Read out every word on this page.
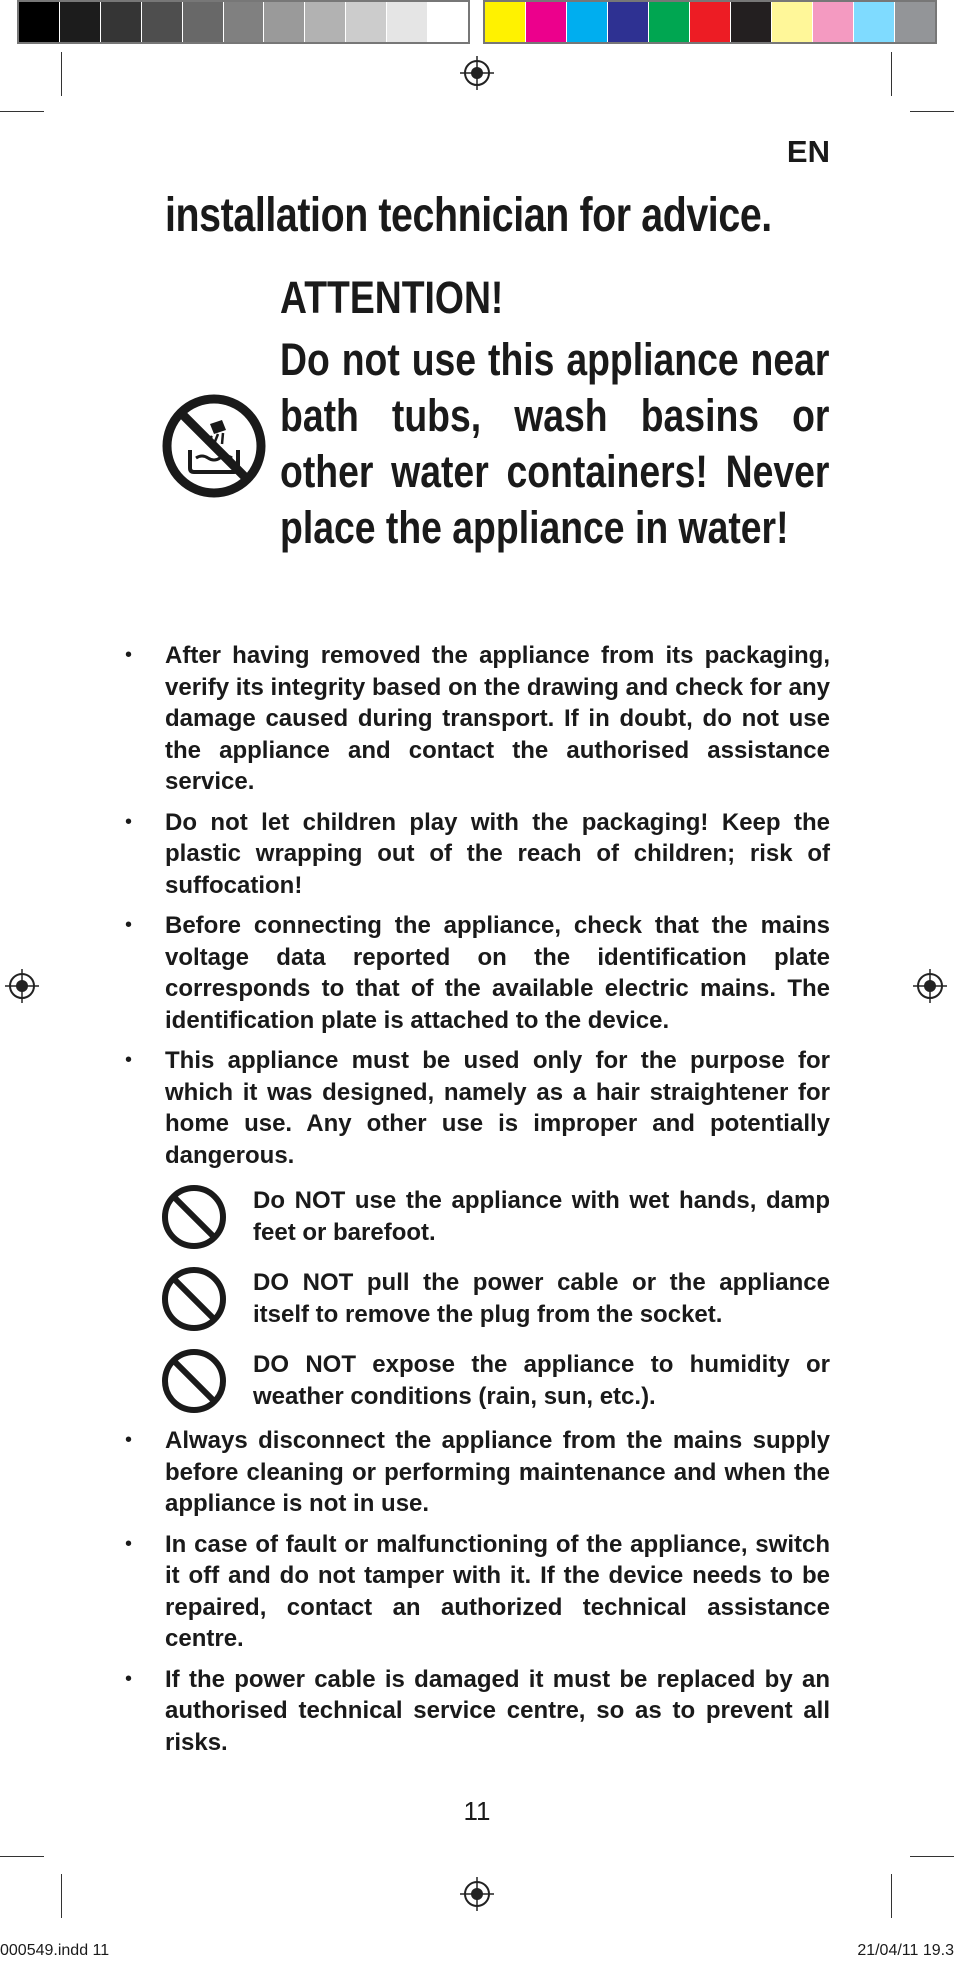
EN
installation technician for advice.
ATTENTION!
Do not use this appliance near bath tubs, wash basins or other water containers! Never place the appliance in water!
• After having removed the appliance from its packaging, verify its integrity based on the drawing and check for any damage caused during transport. If in doubt, do not use the appliance and contact the authorised assistance service.
• Do not let children play with the packaging! Keep the plastic wrapping out of the reach of children; risk of suffocation!
• Before connecting the appliance, check that the mains voltage data reported on the identification plate corresponds to that of the available electric mains. The identification plate is attached to the device.
• This appliance must be used only for the purpose for which it was designed, namely as a hair straightener for home use. Any other use is improper and potentially dangerous.
Do NOT use the appliance with wet hands, damp feet or barefoot.
DO NOT pull the power cable or the appliance itself to remove the plug from the socket.
DO NOT expose the appliance to humidity or weather conditions (rain, sun, etc.).
• Always disconnect the appliance from the mains supply before cleaning or performing maintenance and when the appliance is not in use.
• In case of fault or malfunctioning of the appliance, switch it off and do not tamper with it. If the device needs to be repaired, contact an authorized technical assistance centre.
• If the power cable is damaged it must be replaced by an authorised technical service centre, so as to prevent all risks.
11
000549.indd 11	21/04/11 19.3
